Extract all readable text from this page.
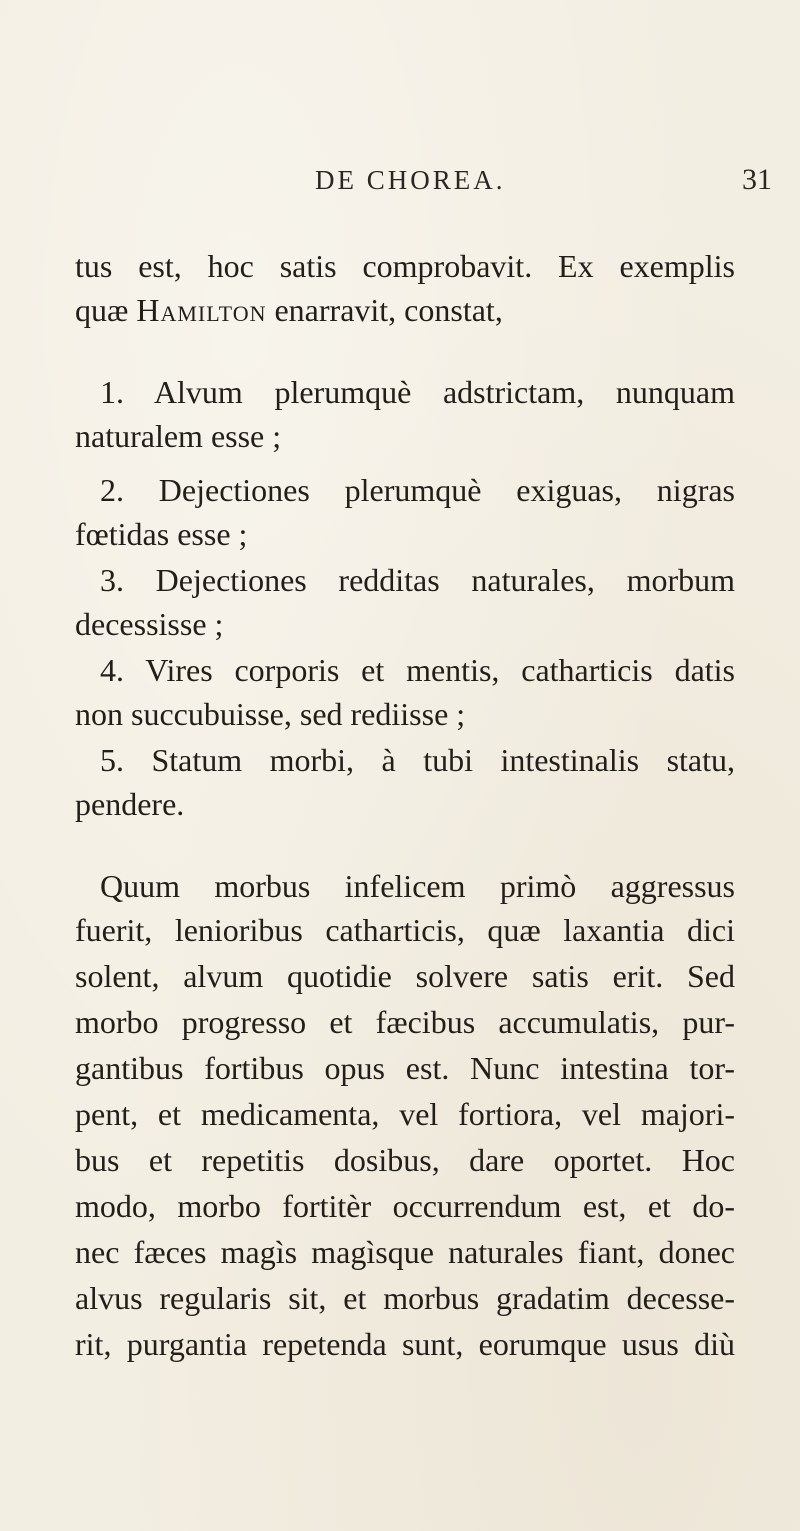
DE CHOREA.	31
tus est, hoc satis comprobavit. Ex exemplis
quæ Hamilton enarravit, constat,
1. Alvum plerumquè adstrictam, nunquam
naturalem esse ;
2. Dejectiones plerumquè exiguas, nigras
fœtidas esse ;
3. Dejectiones redditas naturales, morbum
decessisse ;
4. Vires corporis et mentis, catharticis datis
non succubuisse, sed rediisse ;
5. Statum morbi, à tubi intestinalis statu,
pendere.
Quum morbus infelicem primò aggressus
fuerit, lenioribus catharticis, quæ laxantia dici
solent, alvum quotidie solvere satis erit. Sed
morbo progresso et fæcibus accumulatis, pur-
gantibus fortibus opus est. Nunc intestina tor-
pent, et medicamenta, vel fortiora, vel majori-
bus et repetitis dosibus, dare oportet. Hoc
modo, morbo fortitèr occurrendum est, et do-
nec fæces magìs magìsque naturales fiant, donec
alvus regularis sit, et morbus gradatim decesse-
rit, purgantia repetenda sunt, eorumque usus diù
